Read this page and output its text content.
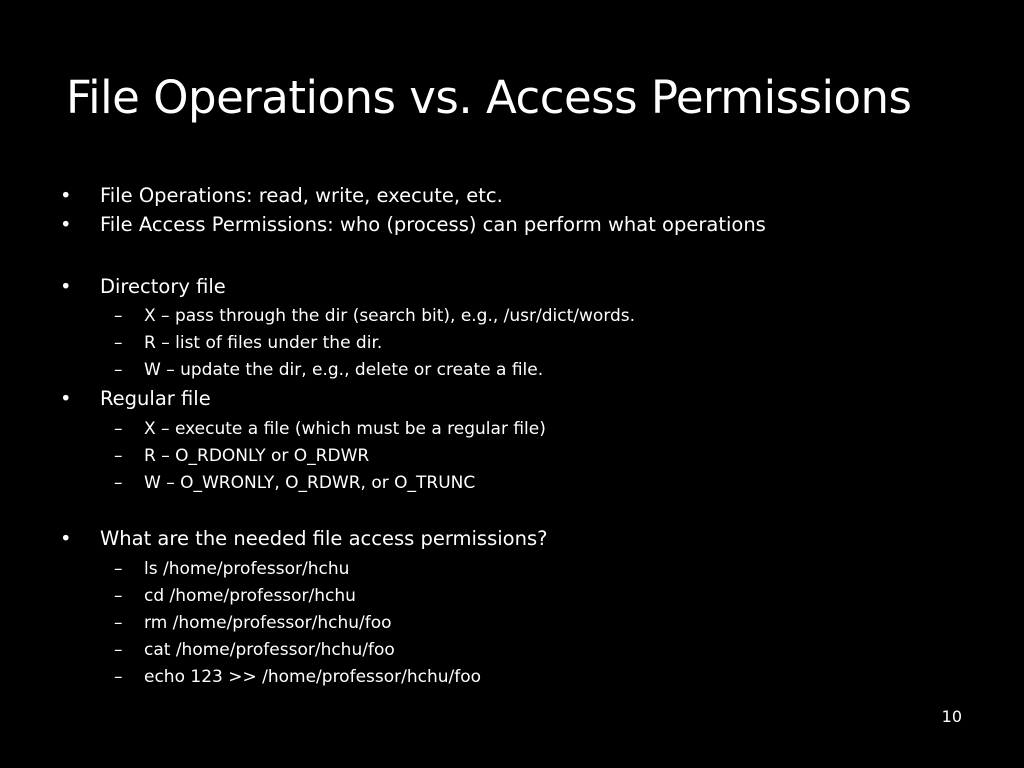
File Operations vs. Access Permissions
• File Operations: read, write, execute, etc.
• File Access Permissions: who (process) can perform what operations
• Directory file
–	X – pass through the dir (search bit), e.g., /usr/dict/words.
–	R – list of files under the dir.
–	W – update the dir, e.g., delete or create a file.
• Regular file
–	X – execute a file (which must be a regular file)
–	R – O_RDONLY or O_RDWR
–	W – O_WRONLY, O_RDWR, or O_TRUNC
• What are the needed file access permissions?
–	ls /home/professor/hchu
–	cd /home/professor/hchu
–	rm /home/professor/hchu/foo
–	cat /home/professor/hchu/foo
–	echo 123 >> /home/professor/hchu/foo
10
